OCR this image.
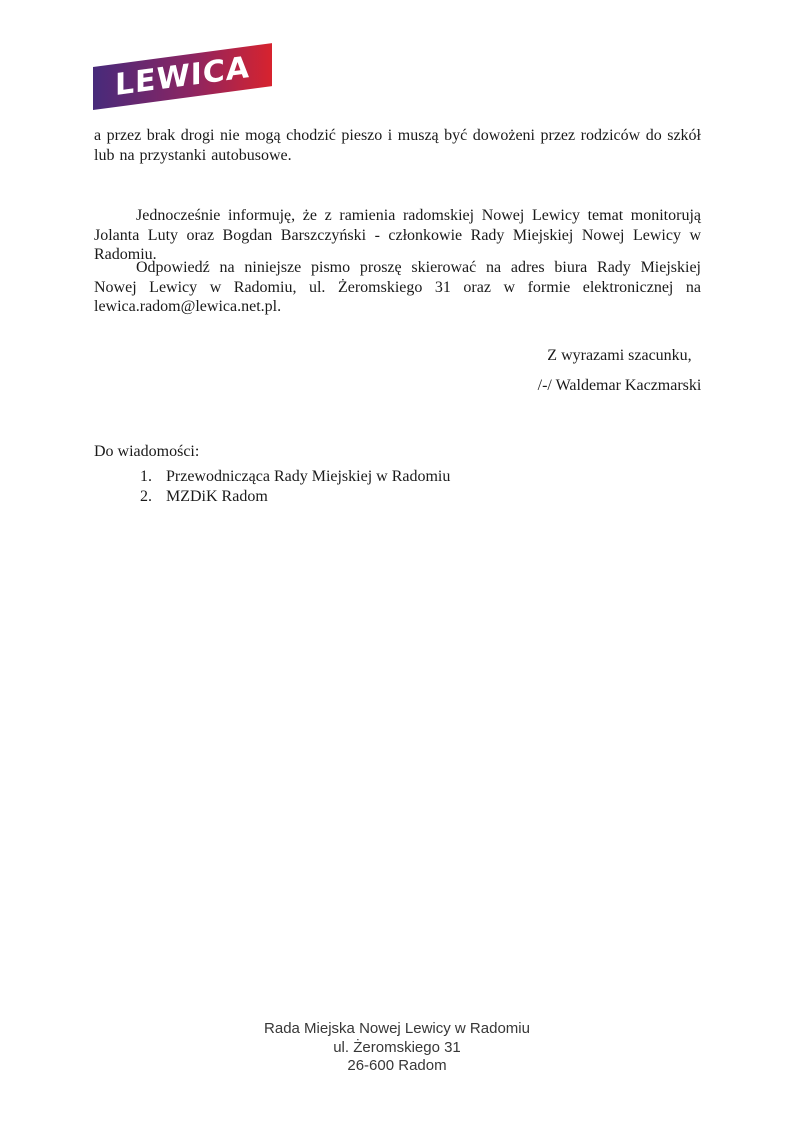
LEWICA

a przez brak drogi nie mogą chodzić pieszo i muszą być dowożeni przez rodziców do szkół lub na przystanki autobusowe.

Jednocześnie informuję, że z ramienia radomskiej Nowej Lewicy temat monitorują Jolanta Luty oraz Bogdan Barszczyński - członkowie Rady Miejskiej Nowej Lewicy w Radomiu.

Odpowiedź na niniejsze pismo proszę skierować na adres biura Rady Miejskiej Nowej Lewicy w Radomiu, ul. Żeromskiego 31 oraz w formie elektronicznej na lewica.radom@lewica.net.pl.

Z wyrazami szacunku,
/-/ Waldemar Kaczmarski
Do wiadomości:
1. Przewodnicząca Rady Miejskiej w Radomiu
2. MZDiK Radom
Rada Miejska Nowej Lewicy w Radomiu
ul. Żeromskiego 31
26-600 Radom
